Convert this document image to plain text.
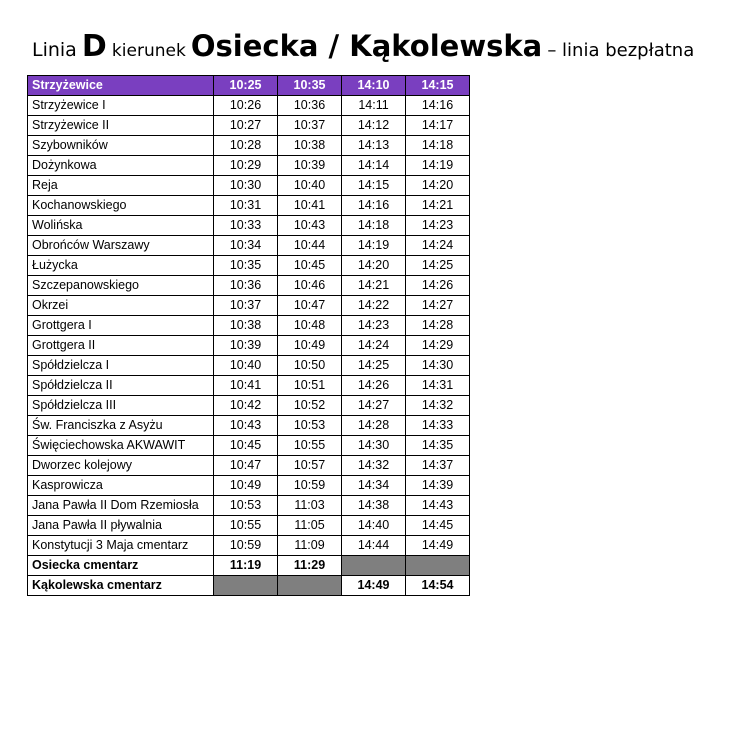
Linia D kierunek Osiecka / Kąkolewska – linia bezpłatna
Strzyżewice	10:25	10:35	14:10	14:15
Strzyżewice I	10:26	10:36	14:11	14:16
Strzyżewice II	10:27	10:37	14:12	14:17
Szybowników	10:28	10:38	14:13	14:18
Dożynkowa	10:29	10:39	14:14	14:19
Reja	10:30	10:40	14:15	14:20
Kochanowskiego	10:31	10:41	14:16	14:21
Wolińska	10:33	10:43	14:18	14:23
Obrońców Warszawy	10:34	10:44	14:19	14:24
Łużycka	10:35	10:45	14:20	14:25
Szczepanowskiego	10:36	10:46	14:21	14:26
Okrzei	10:37	10:47	14:22	14:27
Grottgera I	10:38	10:48	14:23	14:28
Grottgera II	10:39	10:49	14:24	14:29
Spółdzielcza I	10:40	10:50	14:25	14:30
Spółdzielcza II	10:41	10:51	14:26	14:31
Spółdzielcza III	10:42	10:52	14:27	14:32
Św. Franciszka z Asyżu	10:43	10:53	14:28	14:33
Święciechowska AKWAWIT	10:45	10:55	14:30	14:35
Dworzec kolejowy	10:47	10:57	14:32	14:37
Kasprowicza	10:49	10:59	14:34	14:39
Jana Pawła II Dom Rzemiosła	10:53	11:03	14:38	14:43
Jana Pawła II pływalnia	10:55	11:05	14:40	14:45
Konstytucji 3 Maja cmentarz	10:59	11:09	14:44	14:49
Osiecka cmentarz	11:19	11:29		
Kąkolewska cmentarz			14:49	14:54
